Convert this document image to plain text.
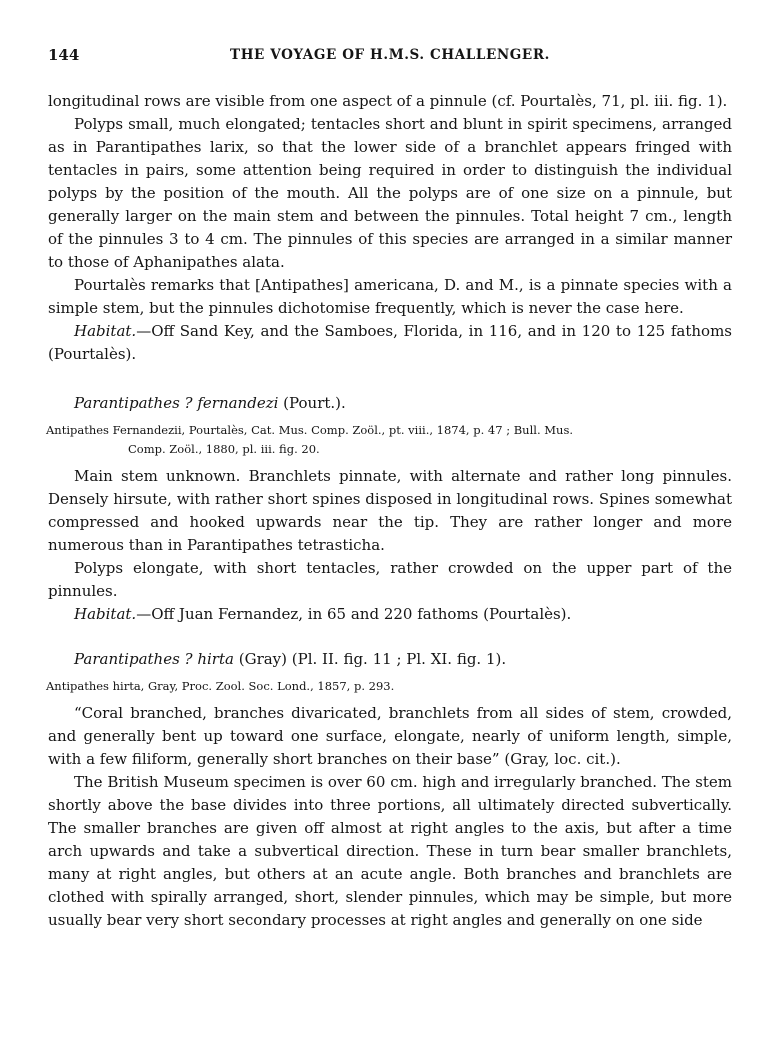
144	THE VOYAGE OF H.M.S. CHALLENGER.

longitudinal rows are visible from one aspect of a pinnule (cf. Pourtalès, 71, pl. iii. fig. 1).

Polyps small, much elongated; tentacles short and blunt in spirit specimens, arranged as in Parantipathes larix, so that the lower side of a branchlet appears fringed with tentacles in pairs, some attention being required in order to distinguish the individual polyps by the position of the mouth. All the polyps are of one size on a pinnule, but generally larger on the main stem and between the pinnules. Total height 7 cm., length of the pinnules 3 to 4 cm. The pinnules of this species are arranged in a similar manner to those of Aphanipathes alata.

Pourtalès remarks that [Antipathes] americana, D. and M., is a pinnate species with a simple stem, but the pinnules dichotomise frequently, which is never the case here.

Habitat.—Off Sand Key, and the Samboes, Florida, in 116, and in 120 to 125 fathoms (Pourtalès).

Parantipathes ? fernandezi (Pourt.).

Antipathes Fernandezii, Pourtalès, Cat. Mus. Comp. Zoöl., pt. viii., 1874, p. 47 ; Bull. Mus.

Comp. Zoöl., 1880, pl. iii. fig. 20.

Main stem unknown. Branchlets pinnate, with alternate and rather long pinnules. Densely hirsute, with rather short spines disposed in longitudinal rows. Spines somewhat compressed and hooked upwards near the tip. They are rather longer and more numerous than in Parantipathes tetrasticha.

Polyps elongate, with short tentacles, rather crowded on the upper part of the pinnules.

Habitat.—Off Juan Fernandez, in 65 and 220 fathoms (Pourtalès).

Parantipathes ? hirta (Gray) (Pl. II. fig. 11 ; Pl. XI. fig. 1).

Antipathes hirta, Gray, Proc. Zool. Soc. Lond., 1857, p. 293.

“Coral branched, branches divaricated, branchlets from all sides of stem, crowded, and generally bent up toward one surface, elongate, nearly of uniform length, simple, with a few filiform, generally short branches on their base” (Gray, loc. cit.).

The British Museum specimen is over 60 cm. high and irregularly branched. The stem shortly above the base divides into three portions, all ultimately directed subvertically. The smaller branches are given off almost at right angles to the axis, but after a time arch upwards and take a subvertical direction. These in turn bear smaller branchlets, many at right angles, but others at an acute angle. Both branches and branchlets are clothed with spirally arranged, short, slender pinnules, which may be simple, but more usually bear very short secondary processes at right angles and generally on one side
